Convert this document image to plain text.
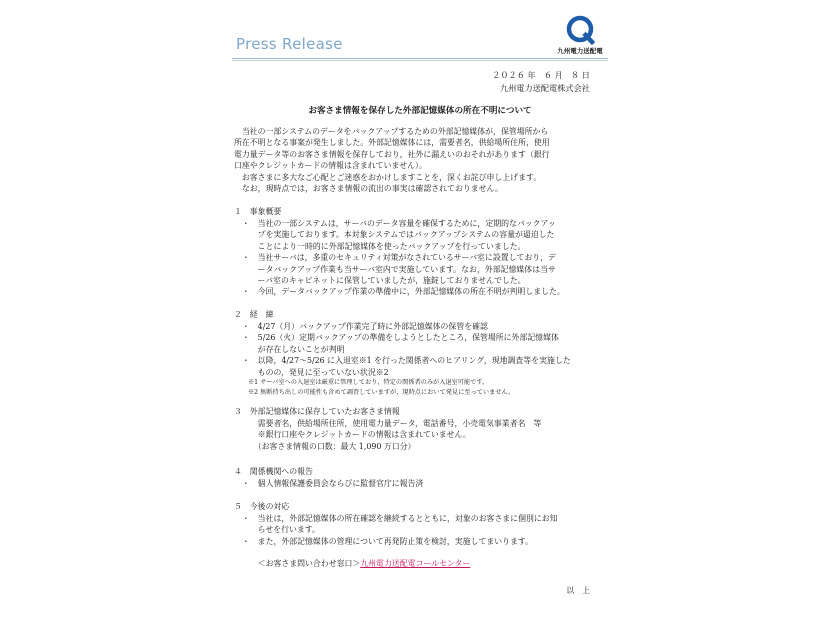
Press Release	九州電力送配電
２０２６ 年　６ 月　８ 日
九州電力送配電株式会社
お客さま情報を保存した外部記憶媒体の所在不明について
　当社の一部システムのデータをバックアップするための外部記憶媒体が，保管場所から
所在不明となる事案が発生しました。外部記憶媒体には，需要者名，供給場所住所，使用
電力量データ等のお客さま情報を保存しており，社外に漏えいのおそれがあります（銀行
口座やクレジットカードの情報は含まれていません）。
　お客さまに多大なご心配とご迷惑をおかけしますことを，深くお詫び申し上げます。
　なお，現時点では，お客さま情報の流出の事実は確認されておりません。
１　事象概要
　・　当社の一部システムは，サーバのデータ容量を確保するために，定期的なバックアッ
　　　プを実施しております。本対象システムではバックアップシステムの容量が逼迫した
　　　ことにより一時的に外部記憶媒体を使ったバックアップを行っていました。
　・　当社サーバは，多重のセキュリティ対策がなされているサーバ室に設置しており，デ
　　　ータバックアップ作業も当サーバ室内で実施しています。なお，外部記憶媒体は当サ
　　　ーバ室のキャビネットに保管していましたが，施錠しておりませんでした。
　・　今回，データバックアップ作業の準備中に，外部記憶媒体の所在不明が判明しました。
２　経　緯
　・　4/27（月）バックアップ作業完了時に外部記憶媒体の保管を確認
　・　5/26（火）定期バックアップの準備をしようとしたところ，保管場所に外部記憶媒体
　　　が存在しないことが判明
　・　以降，4/27～5/26 に入退室※1 を行った関係者へのヒアリング，現地調査等を実施した
　　　ものの，発見に至っていない状況※2
※1 サーバ室への入退室は厳重に管理しており，特定の関係者のみが入退室可能です。
※2 無断持ち出しの可能性も含めて調査していますが，現時点において発見に至っていません。
３　外部記憶媒体に保存していたお客さま情報
　　　需要者名，供給場所住所，使用電力量データ，電話番号，小売電気事業者名　等
　　　※銀行口座やクレジットカードの情報は含まれていません。
　　　（お客さま情報の口数：最大 1,090 万口分）
４　関係機関への報告
　・　個人情報保護委員会ならびに監督官庁に報告済
５　今後の対応
　・　当社は，外部記憶媒体の所在確認を継続するとともに，対象のお客さまに個別にお知
　　　らせを行います。
　・　また，外部記憶媒体の管理について再発防止策を検討，実施してまいります。
　　　＜お客さま問い合わせ窓口＞九州電力送配電コールセンター
以　上
